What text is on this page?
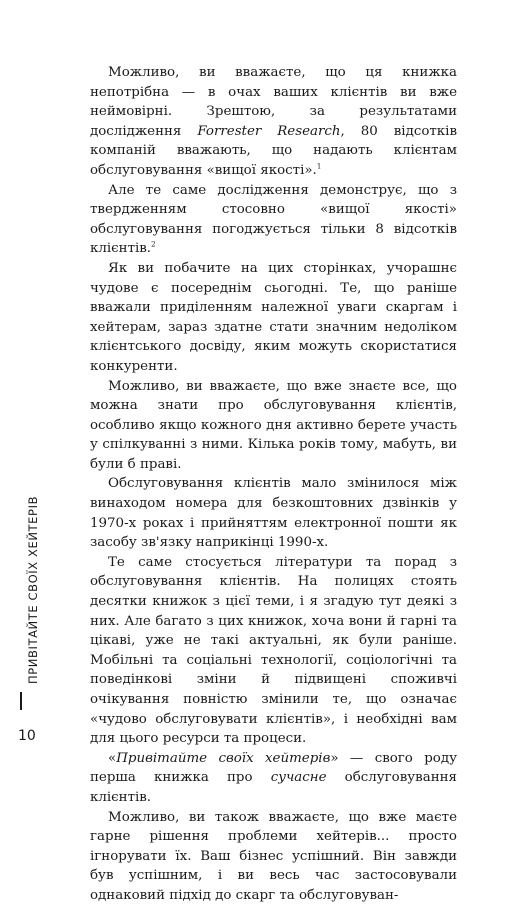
Можливо, ви вважаєте, що ця книжка непотрібна — в очах ваших клієнтів ви вже неймовірні. Зрештою, за результатами дослідження Forrester Research, 80 відсотків компаній вважають, що надають клієнтам обслуговування «вищої якості».$^1$

Але те саме дослідження демонструє, що з твердженням стосовно «вищої якості» обслуговування погоджується тільки 8 відсотків клієнтів.$^2$

Як ви побачите на цих сторінках, учорашнє чудове є посереднім сьогодні. Те, що раніше вважали приділенням належної уваги скаргам і хейтерам, зараз здатне стати значним недоліком клієнтського досвіду, яким можуть скористатися конкуренти.

Можливо, ви вважаєте, що вже знаєте все, що можна знати про обслуговування клієнтів, особливо якщо кожного дня активно берете участь у спілкуванні з ними. Кілька років тому, мабуть, ви були б праві.

Обслуговування клієнтів мало змінилося між винаходом номера для безкоштовних дзвінків у 1970-х роках і прийняттям електронної пошти як засобу зв'язку наприкінці 1990-х.

Те саме стосується літератури та порад з обслуговування клієнтів. На полицях стоять десятки книжок з цієї теми, і я згадую тут деякі з них. Але багато з цих книжок, хоча вони й гарні та цікаві, уже не такі актуальні, як були раніше. Мобільні та соціальні технології, соціологічні та поведінкові зміни й підвищені споживчі очікування повністю змінили те, що означає «чудово обслуговувати клієнтів», і необхідні вам для цього ресурси та процеси.

«Привітайте своїх хейтерів» — свого роду перша книжка про сучасне обслуговування клієнтів.

Можливо, ви також вважаєте, що вже маєте гарне рішення проблеми хейтерів... просто ігнорувати їх. Ваш бізнес успішний. Він завжди був успішним, і ви весь час застосовували однаковий підхід до скарг та обслуговуван-

ПРИВІТАЙТЕ СВОЇХ ХЕЙТЕРІВ
10
